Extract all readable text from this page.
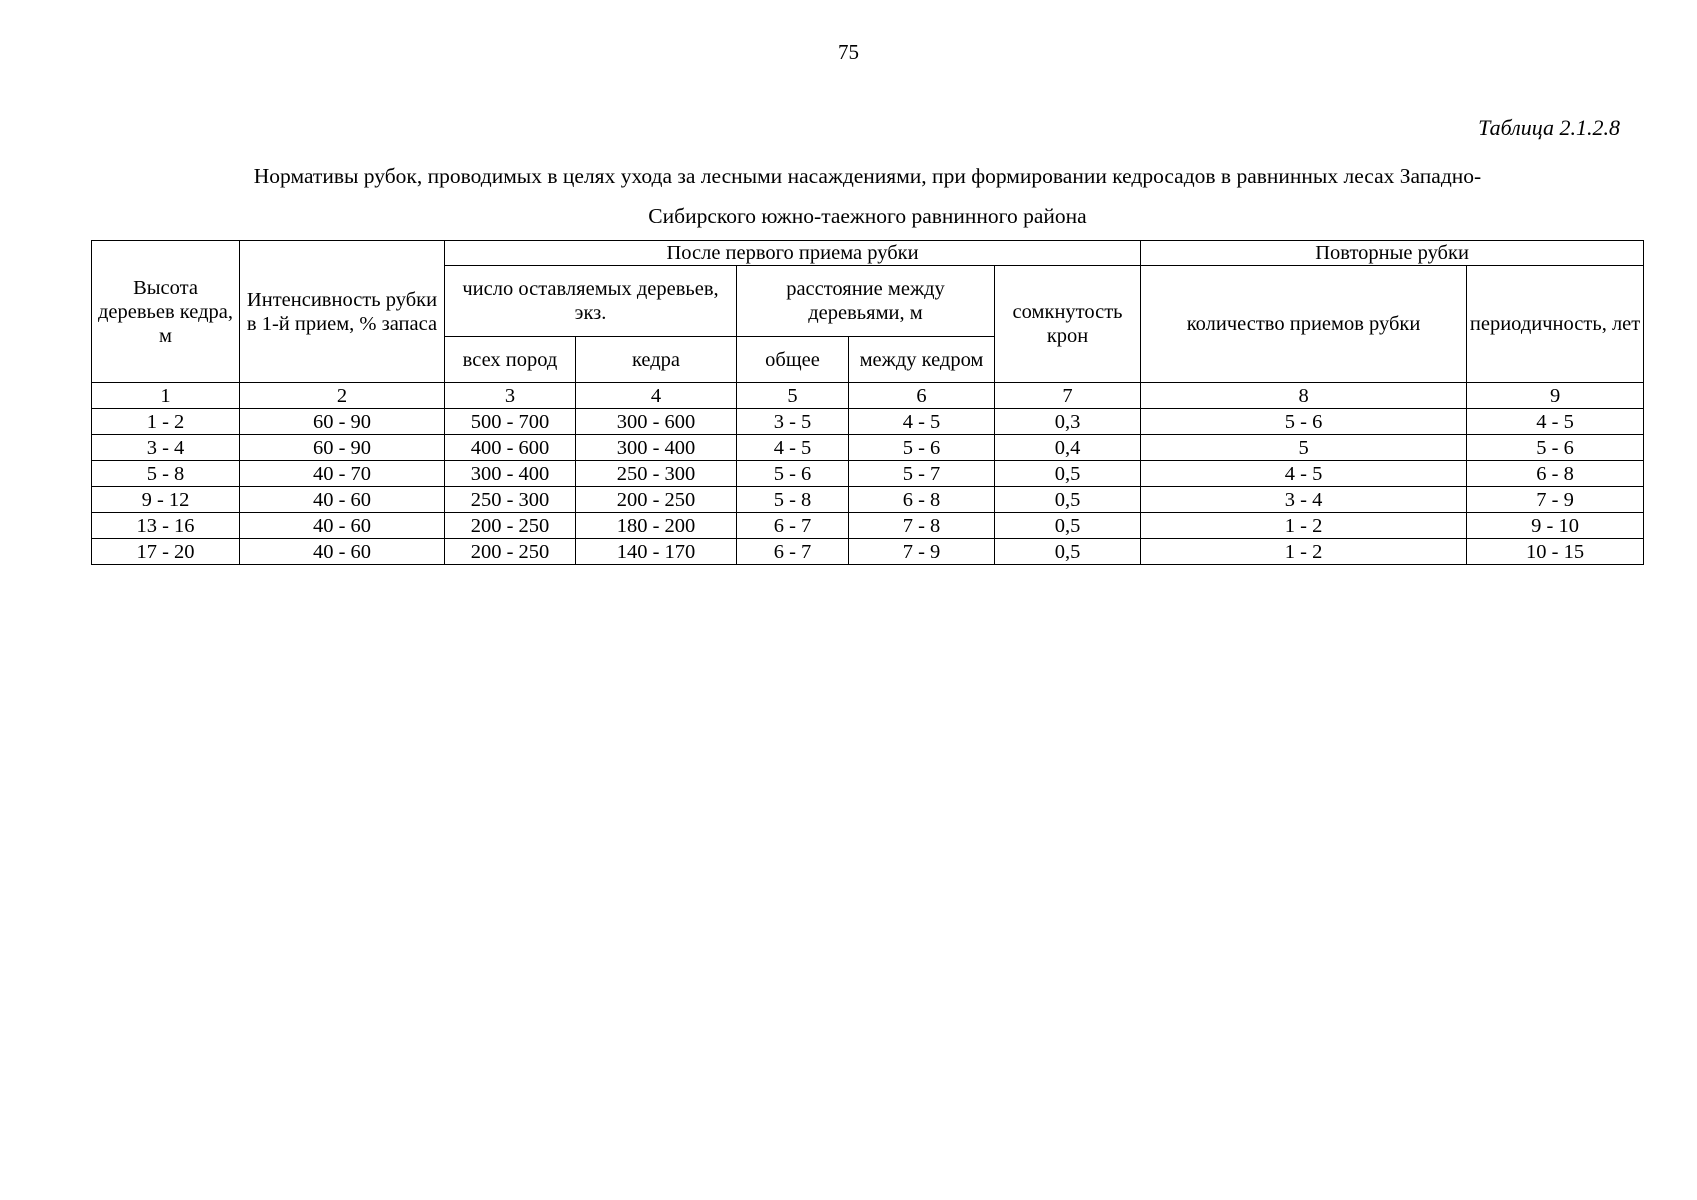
75
Таблица 2.1.2.8
Нормативы рубок, проводимых в целях ухода за лесными насаждениями, при формировании кедросадов в равнинных лесах Западно-
Сибирского южно-таежного равнинного района
Высота деревьев кедра, м	Интенсивность рубки в 1-й прием, % запаса	После первого приема рубки					Повторные рубки	
		число оставляемых деревьев, экз.		расстояние между деревьями, м		сомкнутость крон	количество приемов рубки	периодичность, лет
		всех пород	кедра	общее	между кедром			
1	2	3	4	5	6	7	8	9
1 - 2	60 - 90	500 - 700	300 - 600	3 - 5	4 - 5	0,3	5 - 6	4 - 5
3 - 4	60 - 90	400 - 600	300 - 400	4 - 5	5 - 6	0,4	5	5 - 6
5 - 8	40 - 70	300 - 400	250 - 300	5 - 6	5 - 7	0,5	4 - 5	6 - 8
9 - 12	40 - 60	250 - 300	200 - 250	5 - 8	6 - 8	0,5	3 - 4	7 - 9
13 - 16	40 - 60	200 - 250	180 - 200	6 - 7	7 - 8	0,5	1 - 2	9 - 10
17 - 20	40 - 60	200 - 250	140 - 170	6 - 7	7 - 9	0,5	1 - 2	10 - 15
